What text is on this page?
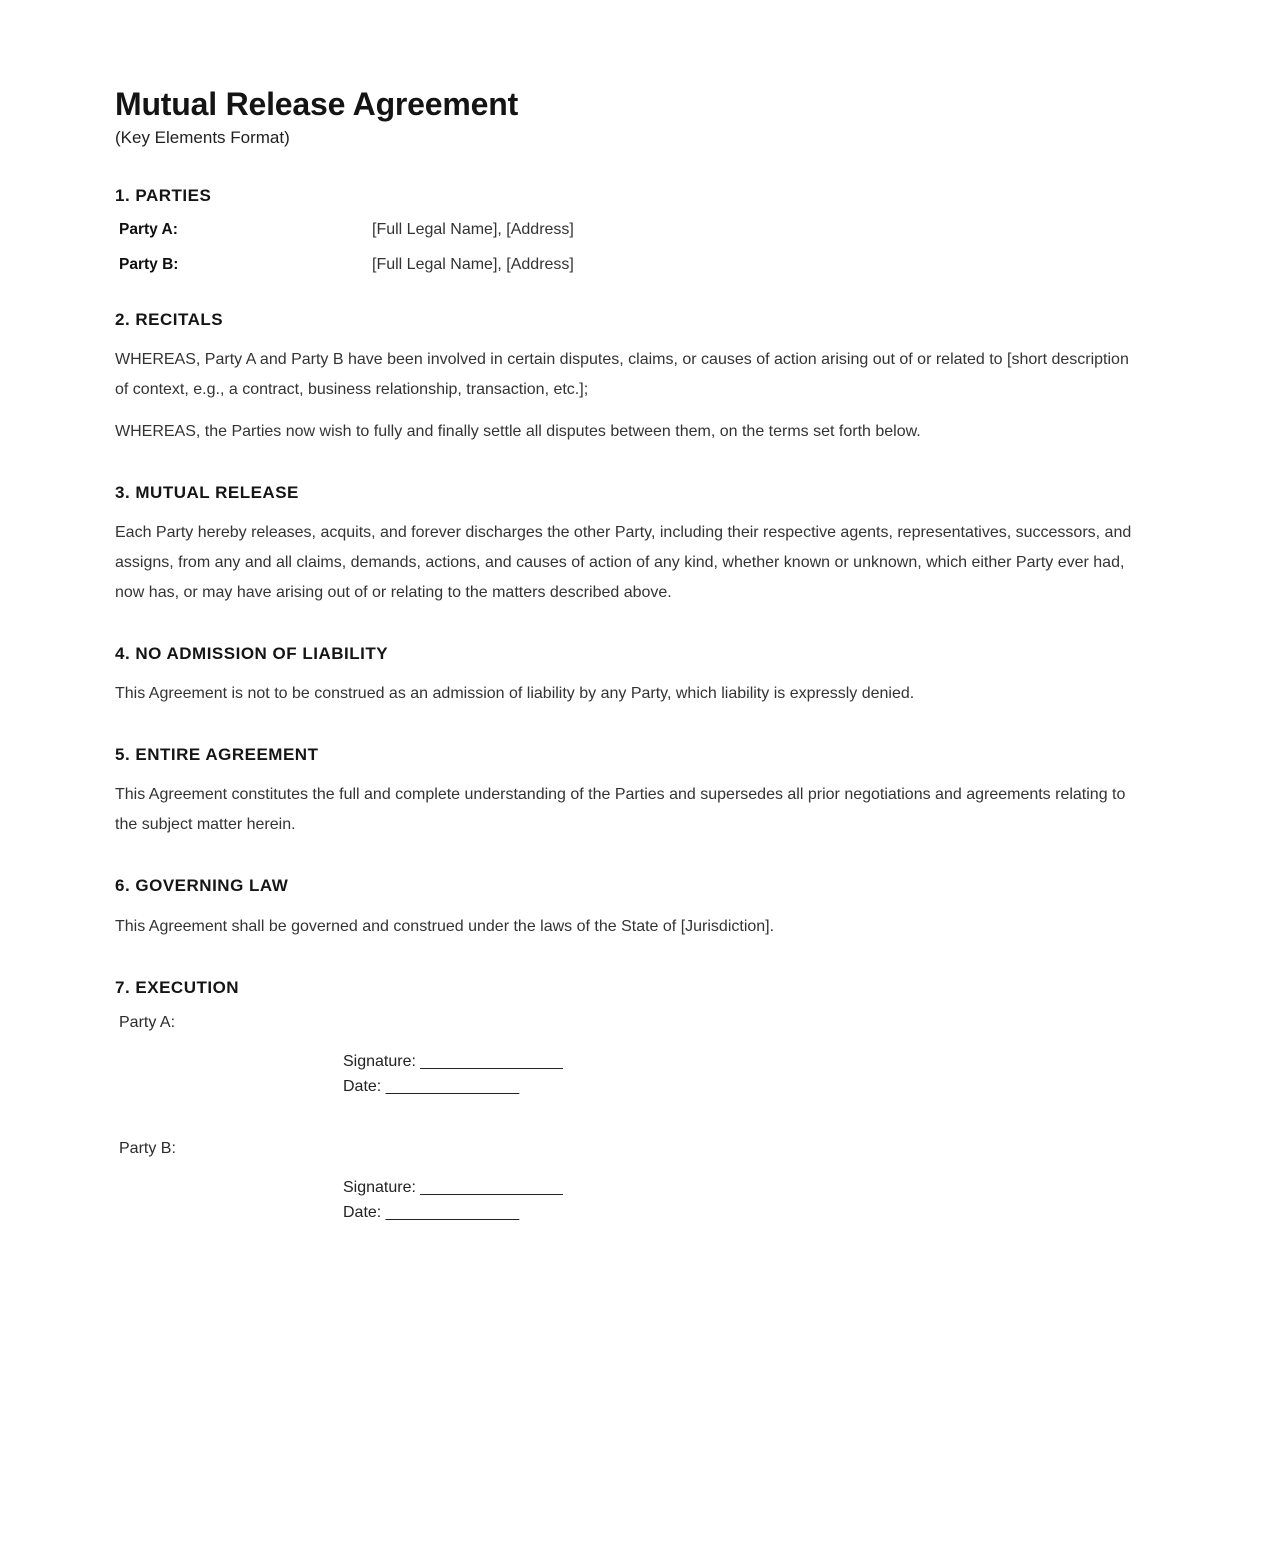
Mutual Release Agreement

(Key Elements Format)

1. PARTIES
Party A:	[Full Legal Name], [Address]
Party B:	[Full Legal Name], [Address]
2. RECITALS

WHEREAS, Party A and Party B have been involved in certain disputes, claims, or causes of action arising out of or related to [short description of context, e.g., a contract, business relationship, transaction, etc.];

WHEREAS, the Parties now wish to fully and finally settle all disputes between them, on the terms set forth below.

3. MUTUAL RELEASE

Each Party hereby releases, acquits, and forever discharges the other Party, including their respective agents, representatives, successors, and assigns, from any and all claims, demands, actions, and causes of action of any kind, whether known or unknown, which either Party ever had, now has, or may have arising out of or relating to the matters described above.

4. NO ADMISSION OF LIABILITY

This Agreement is not to be construed as an admission of liability by any Party, which liability is expressly denied.

5. ENTIRE AGREEMENT

This Agreement constitutes the full and complete understanding of the Parties and supersedes all prior negotiations and agreements relating to the subject matter herein.

6. GOVERNING LAW

This Agreement shall be governed and construed under the laws of the State of [Jurisdiction].

7. EXECUTION

Party A:

Signature: ________________
Date: _______________

Party B:

Signature: ________________
Date: _______________
